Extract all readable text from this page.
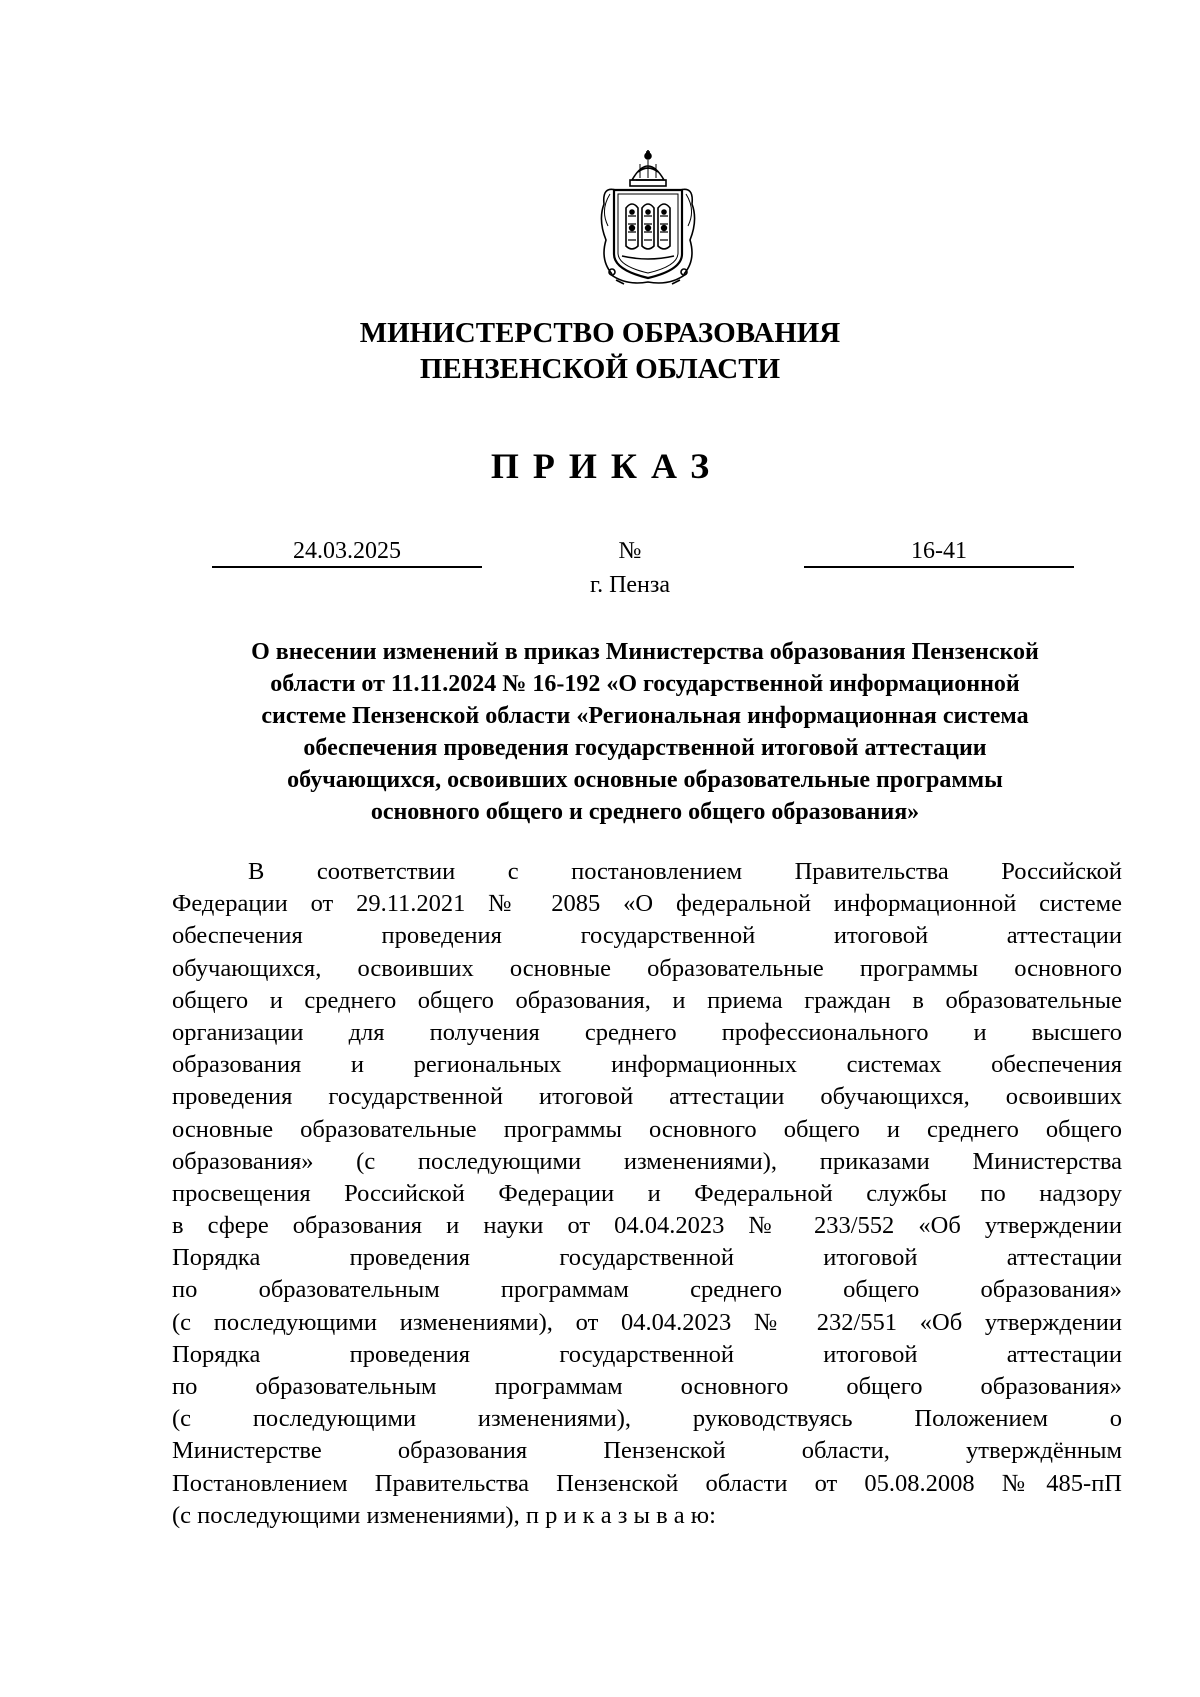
МИНИСТЕРСТВО ОБРАЗОВАНИЯ
ПЕНЗЕНСКОЙ ОБЛАСТИ
ПРИКАЗ
24.03.2025	№	16-41
г. Пенза
О внесении изменений в приказ Министерства образования Пензенской
области от 11.11.2024 № 16-192 «О государственной информационной
системе Пензенской области «Региональная информационная система
обеспечения проведения государственной итоговой аттестации
обучающихся, освоивших основные образовательные программы
основного общего и среднего общего образования»
В соответствии с постановлением Правительства Российской
Федерации от 29.11.2021 № 2085 «О федеральной информационной системе
обеспечения проведения государственной итоговой аттестации
обучающихся, освоивших основные образовательные программы основного
общего и среднего общего образования, и приема граждан в образовательные
организации для получения среднего профессионального и высшего
образования и региональных информационных системах обеспечения
проведения государственной итоговой аттестации обучающихся, освоивших
основные образовательные программы основного общего и среднего общего
образования» (с последующими изменениями), приказами Министерства
просвещения Российской Федерации и Федеральной службы по надзору
в сфере образования и науки от 04.04.2023 № 233/552 «Об утверждении
Порядка проведения государственной итоговой аттестации
по образовательным программам среднего общего образования»
(с последующими изменениями), от 04.04.2023 № 232/551 «Об утверждении
Порядка проведения государственной итоговой аттестации
по образовательным программам основного общего образования»
(с последующими изменениями), руководствуясь Положением о
Министерстве образования Пензенской области, утверждённым
Постановлением Правительства Пензенской области от 05.08.2008 №485-пП
(с последующими изменениями), п р и к а з ы в а ю:
